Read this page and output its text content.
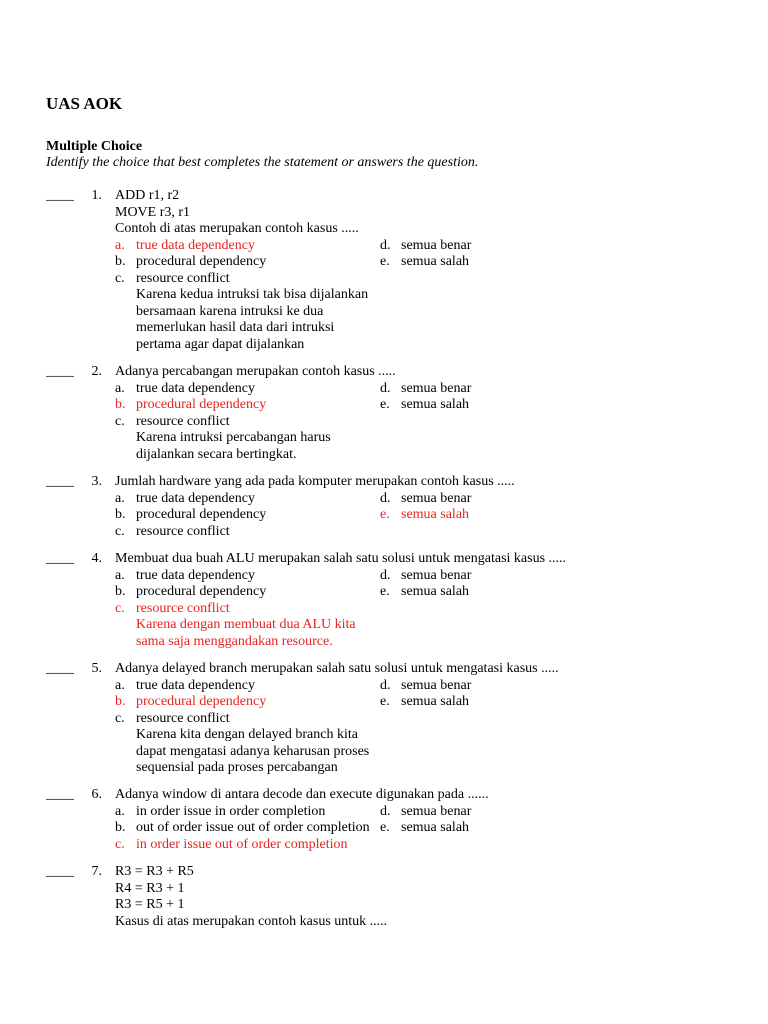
UAS AOK
Multiple Choice
Identify the choice that best completes the statement or answers the question.
____ 1. ADD r1, r2
MOVE r3, r1
Contoh di atas merupakan contoh kasus .....
a. true data dependency	d. semua benar
b. procedural dependency	e. semua salah
c. resource conflict
Karena kedua intruksi tak bisa dijalankan
bersamaan karena intruksi ke dua
memerlukan hasil data dari intruksi
pertama agar dapat dijalankan
____ 2. Adanya percabangan merupakan contoh kasus .....
a. true data dependency	d. semua benar
b. procedural dependency	e. semua salah
c. resource conflict
Karena intruksi percabangan harus
dijalankan secara bertingkat.
____ 3. Jumlah hardware yang ada pada komputer merupakan contoh kasus .....
a. true data dependency	d. semua benar
b. procedural dependency	e. semua salah
c. resource conflict
____ 4. Membuat dua buah ALU merupakan salah satu solusi untuk mengatasi kasus .....
a. true data dependency	d. semua benar
b. procedural dependency	e. semua salah
c. resource conflict
Karena dengan membuat dua ALU kita
sama saja menggandakan resource.
____ 5. Adanya delayed branch merupakan salah satu solusi untuk mengatasi kasus .....
a. true data dependency	d. semua benar
b. procedural dependency	e. semua salah
c. resource conflict
Karena kita dengan delayed branch kita
dapat mengatasi adanya keharusan proses
sequensial pada proses percabangan
____ 6. Adanya window di antara decode dan execute digunakan pada ......
a. in order issue in order completion	d. semua benar
b. out of order issue out of order completion e. semua salah
c. in order issue out of order completion
____ 7. R3 = R3 + R5
R4 = R3 + 1
R3 = R5 + 1
Kasus di atas merupakan contoh kasus untuk .....
